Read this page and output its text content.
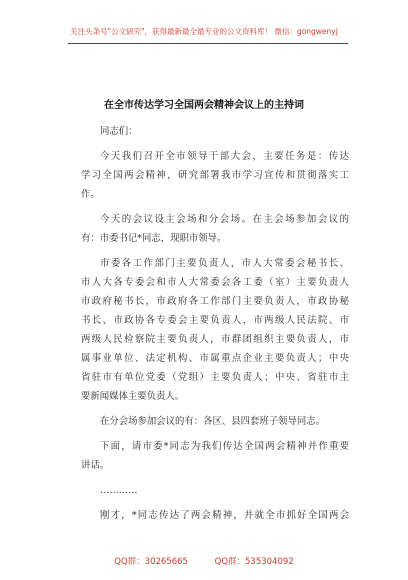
关注头条号"公文研究"，获得最新最全最专业的公文资料库！ 微信：gongwenyj
在全市传达学习全国两会精神会议上的主持词
同志们：
今天我们召开全市领导干部大会，主要任务是：传达
学习全国两会精神，研究部署我市学习宣传和贯彻落实工
作。
今天的会议设主会场和分会场。在主会场参加会议的
有：市委书记*同志，现职市领导。
市委各工作部门主要负责人，市人大常委会秘书长、
市人大各专委会和市人大常委会各工委（室）主要负责人
市政府秘书长，市政府各工作部门主要负责人，市政协秘
书长、市政协各专委会主要负责人，市两级人民法院、市
两级人民检察院主要负责人，市群团组织主要负责人，市
属事业单位、法定机构、市属重点企业主要负责人；中央
省驻市有单位党委（党组）主要负责人；中央、省驻市主
要新闻媒体主要负责人。
在分会场参加会议的有：各区、县四套班子领导同志。
下面，请市委*同志为我们传达全国两会精神并作重要
讲话。
…………
刚才，*同志传达了两会精神，并就全市抓好全国两会
QQ群：30265665	QQ群：535304092
